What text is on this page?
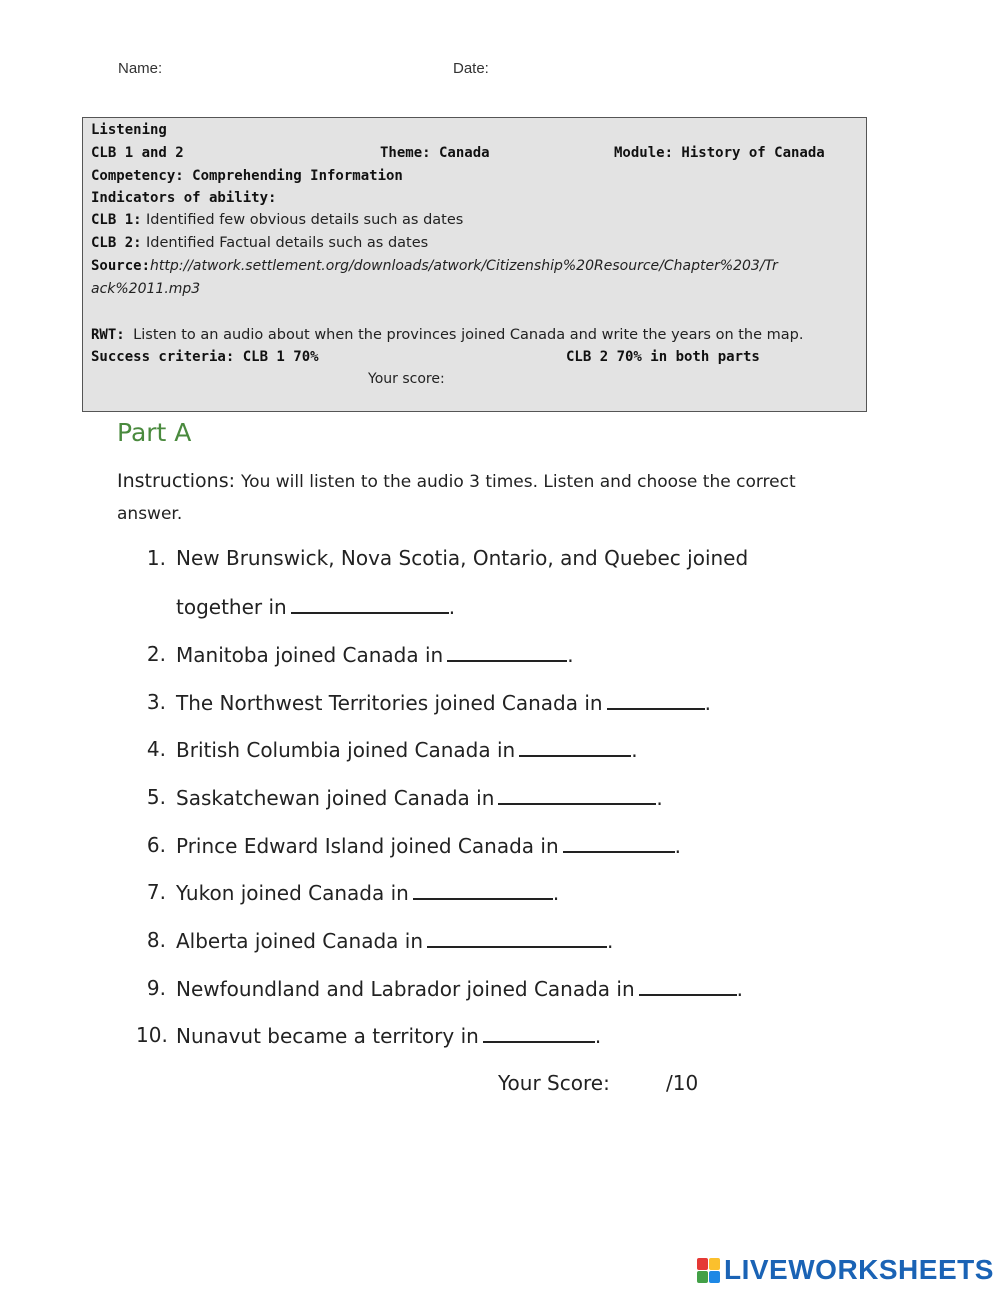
Name:	Date:
Listening
CLB 1 and 2	Theme: Canada	Module: History of Canada
Competency: Comprehending Information
Indicators of ability:
CLB 1: Identified few obvious details such as dates
CLB 2: Identified Factual details such as dates
Source:http://atwork.settlement.org/downloads/atwork/Citizenship%20Resource/Chapter%203/Tr
ack%2011.mp3
RWT: Listen to an audio about when the provinces joined Canada and write the years on the map.
Success criteria: CLB 1 70%	CLB 2 70% in both parts
Your score:
Part A
Instructions: You will listen to the audio 3 times. Listen and choose the correct
answer.
1. New Brunswick, Nova Scotia, Ontario, and Quebec joined
together in	.
2. Manitoba joined Canada in	.
3. The Northwest Territories joined Canada in	.
4. British Columbia joined Canada in	.
5. Saskatchewan joined Canada in	.
6. Prince Edward Island joined Canada in	.
7. Yukon joined Canada in	.
8. Alberta joined Canada in	.
9. Newfoundland and Labrador joined Canada in	.
10. Nunavut became a territory in	.
Your Score:	/10
LIVEWORKSHEETS
